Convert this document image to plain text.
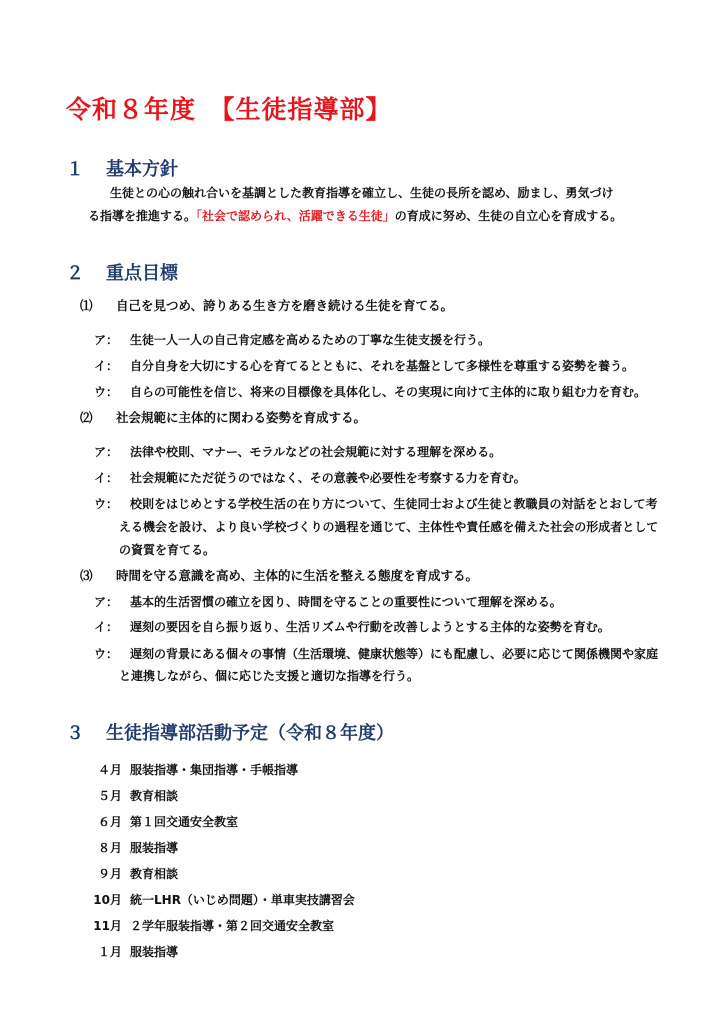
令和８年度　【生徒指導部】
１ 基本方針
生徒との心の触れ合いを基調とした教育指導を確立し、生徒の長所を認め、励まし、勇気づけ
る指導を推進する。「社会で認められ、活躍できる生徒」の育成に努め、生徒の自立心を育成する。
２ 重点目標
⑴ 自己を見つめ、誇りある生き方を磨き続ける生徒を育てる。
ア： 生徒一人一人の自己肯定感を高めるための丁寧な生徒支援を行う。
イ： 自分自身を大切にする心を育てるとともに、それを基盤として多様性を尊重する姿勢を養う。
ウ： 自らの可能性を信じ、将来の目標像を具体化し、その実現に向けて主体的に取り組む力を育む。
⑵ 社会規範に主体的に関わる姿勢を育成する。
ア： 法律や校則、マナー、モラルなどの社会規範に対する理解を深める。
イ： 社会規範にただ従うのではなく、その意義や必要性を考察する力を育む。
ウ： 校則をはじめとする学校生活の在り方について、生徒同士および生徒と教職員の対話をとおして考
える機会を設け、より良い学校づくりの過程を通じて、主体性や責任感を備えた社会の形成者として
の資質を育てる。
⑶ 時間を守る意識を高め、主体的に生活を整える態度を育成する。
ア： 基本的生活習慣の確立を図り、時間を守ることの重要性について理解を深める。
イ： 遅刻の要因を自ら振り返り、生活リズムや行動を改善しようとする主体的な姿勢を育む。
ウ： 遅刻の背景にある個々の事情（生活環境、健康状態等）にも配慮し、必要に応じて関係機関や家庭
と連携しながら、個に応じた支援と適切な指導を行う。
３ 生徒指導部活動予定（令和８年度）
４月 服装指導・集団指導・手帳指導
５月 教育相談
６月 第１回交通安全教室
８月 服装指導
９月 教育相談
10月 統一LHR（いじめ問題）・単車実技講習会
11月 ２学年服装指導・第２回交通安全教室
１月 服装指導
